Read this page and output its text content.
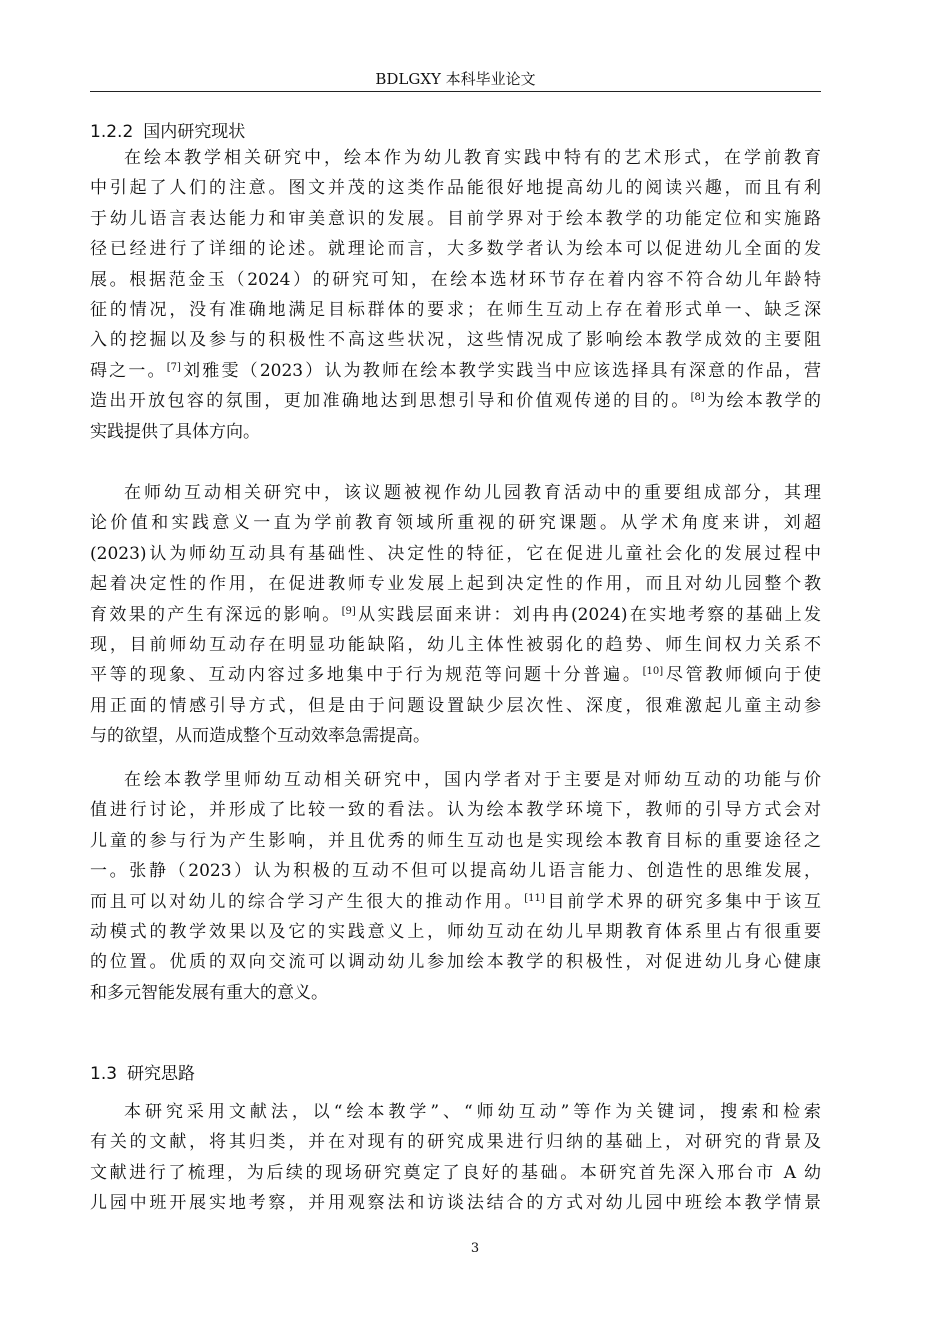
BDLGXY 本科毕业论文
1.2.2 国内研究现状
在绘本教学相关研究中，绘本作为幼儿教育实践中特有的艺术形式，在学前教育
中引起了人们的注意。图文并茂的这类作品能很好地提高幼儿的阅读兴趣，而且有利
于幼儿语言表达能力和审美意识的发展。目前学界对于绘本教学的功能定位和实施路
径已经进行了详细的论述。就理论而言，大多数学者认为绘本可以促进幼儿全面的发
展。根据范金玉（2024）的研究可知，在绘本选材环节存在着内容不符合幼儿年龄特
征的情况，没有准确地满足目标群体的要求；在师生互动上存在着形式单一、缺乏深
入的挖掘以及参与的积极性不高这些状况，这些情况成了影响绘本教学成效的主要阻
碍之一。[7]刘雅雯（2023）认为教师在绘本教学实践当中应该选择具有深意的作品，营
造出开放包容的氛围，更加准确地达到思想引导和价值观传递的目的。[8]为绘本教学的
实践提供了具体方向。
在师幼互动相关研究中，该议题被视作幼儿园教育活动中的重要组成部分，其理
论价值和实践意义一直为学前教育领域所重视的研究课题。从学术角度来讲，刘超
(2023)认为师幼互动具有基础性、决定性的特征，它在促进儿童社会化的发展过程中
起着决定性的作用，在促进教师专业发展上起到决定性的作用，而且对幼儿园整个教
育效果的产生有深远的影响。[9]从实践层面来讲：刘冉冉(2024)在实地考察的基础上发
现，目前师幼互动存在明显功能缺陷，幼儿主体性被弱化的趋势、师生间权力关系不
平等的现象、互动内容过多地集中于行为规范等问题十分普遍。[10]尽管教师倾向于使
用正面的情感引导方式，但是由于问题设置缺少层次性、深度，很难激起儿童主动参
与的欲望，从而造成整个互动效率急需提高。
在绘本教学里师幼互动相关研究中，国内学者对于主要是对师幼互动的功能与价
值进行讨论，并形成了比较一致的看法。认为绘本教学环境下，教师的引导方式会对
儿童的参与行为产生影响，并且优秀的师生互动也是实现绘本教育目标的重要途径之
一。张静（2023）认为积极的互动不但可以提高幼儿语言能力、创造性的思维发展，
而且可以对幼儿的综合学习产生很大的推动作用。[11]目前学术界的研究多集中于该互
动模式的教学效果以及它的实践意义上，师幼互动在幼儿早期教育体系里占有很重要
的位置。优质的双向交流可以调动幼儿参加绘本教学的积极性，对促进幼儿身心健康
和多元智能发展有重大的意义。
1.3 研究思路
本研究采用文献法，以“绘本教学”、“师幼互动”等作为关键词，搜索和检索
有关的文献，将其归类，并在对现有的研究成果进行归纳的基础上，对研究的背景及
文献进行了梳理，为后续的现场研究奠定了良好的基础。本研究首先深入邢台市 A 幼
儿园中班开展实地考察，并用观察法和访谈法结合的方式对幼儿园中班绘本教学情景
3
